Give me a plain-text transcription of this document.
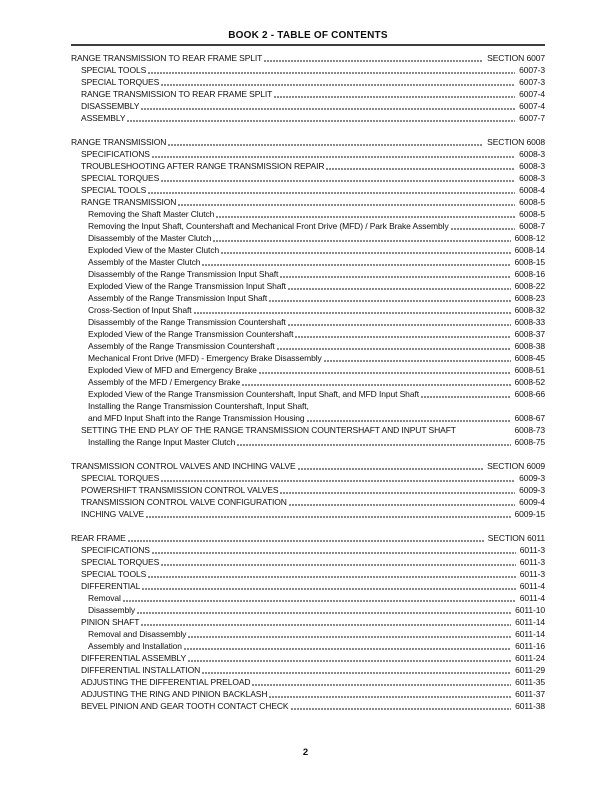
BOOK 2 - TABLE OF CONTENTS
RANGE TRANSMISSION TO REAR FRAME SPLIT	SECTION 6007
SPECIAL TOOLS	6007-3
SPECIAL TORQUES	6007-3
RANGE TRANSMISSION TO REAR FRAME SPLIT	6007-4
DISASSEMBLY	6007-4
ASSEMBLY	6007-7
RANGE TRANSMISSION	SECTION 6008
SPECIFICATIONS	6008-3
TROUBLESHOOTING AFTER RANGE TRANSMISSION REPAIR	6008-3
SPECIAL TORQUES	6008-3
SPECIAL TOOLS	6008-4
RANGE TRANSMISSION	6008-5
Removing the Shaft Master Clutch	6008-5
Removing the Input Shaft, Countershaft and Mechanical Front Drive (MFD) / Park Brake Assembly	6008-7
Disassembly of the Master Clutch	6008-12
Exploded View of the Master Clutch	6008-14
Assembly of the Master Clutch	6008-15
Disassembly of the Range Transmission Input Shaft	6008-16
Exploded View of the Range Transmission Input Shaft	6008-22
Assembly of the Range Transmission Input Shaft	6008-23
Cross-Section of Input Shaft	6008-32
Disassembly of the Range Transmission Countershaft	6008-33
Exploded View of the Range Transmission Countershaft	6008-37
Assembly of the Range Transmission Countershaft	6008-38
Mechanical Front Drive (MFD) - Emergency Brake Disassembly	6008-45
Exploded View of MFD and Emergency Brake	6008-51
Assembly of the MFD / Emergency Brake	6008-52
Exploded View of the Range Transmission Countershaft, Input Shaft, and MFD Input Shaft	6008-66
Installing the Range Transmission Countershaft, Input Shaft,
and MFD Input Shaft into the Range Transmission Housing	6008-67
SETTING THE END PLAY OF THE RANGE TRANSMISSION COUNTERSHAFT AND INPUT SHAFT	6008-73
Installing the Range Input Master Clutch	6008-75
TRANSMISSION CONTROL VALVES AND INCHING VALVE	SECTION 6009
SPECIAL TORQUES	6009-3
POWERSHIFT TRANSMISSION CONTROL VALVES	6009-3
TRANSMISSION CONTROL VALVE CONFIGURATION	6009-4
INCHING VALVE	6009-15
REAR FRAME	SECTION 6011
SPECIFICATIONS	6011-3
SPECIAL TORQUES	6011-3
SPECIAL TOOLS	6011-3
DIFFERENTIAL	6011-4
Removal	6011-4
Disassembly	6011-10
PINION SHAFT	6011-14
Removal and Disassembly	6011-14
Assembly and Installation	6011-16
DIFFERENTIAL ASSEMBLY	6011-24
DIFFERENTIAL INSTALLATION	6011-29
ADJUSTING THE DIFFERENTIAL PRELOAD	6011-35
ADJUSTING THE RING AND PINION BACKLASH	6011-37
BEVEL PINION AND GEAR TOOTH CONTACT CHECK	6011-38
2
